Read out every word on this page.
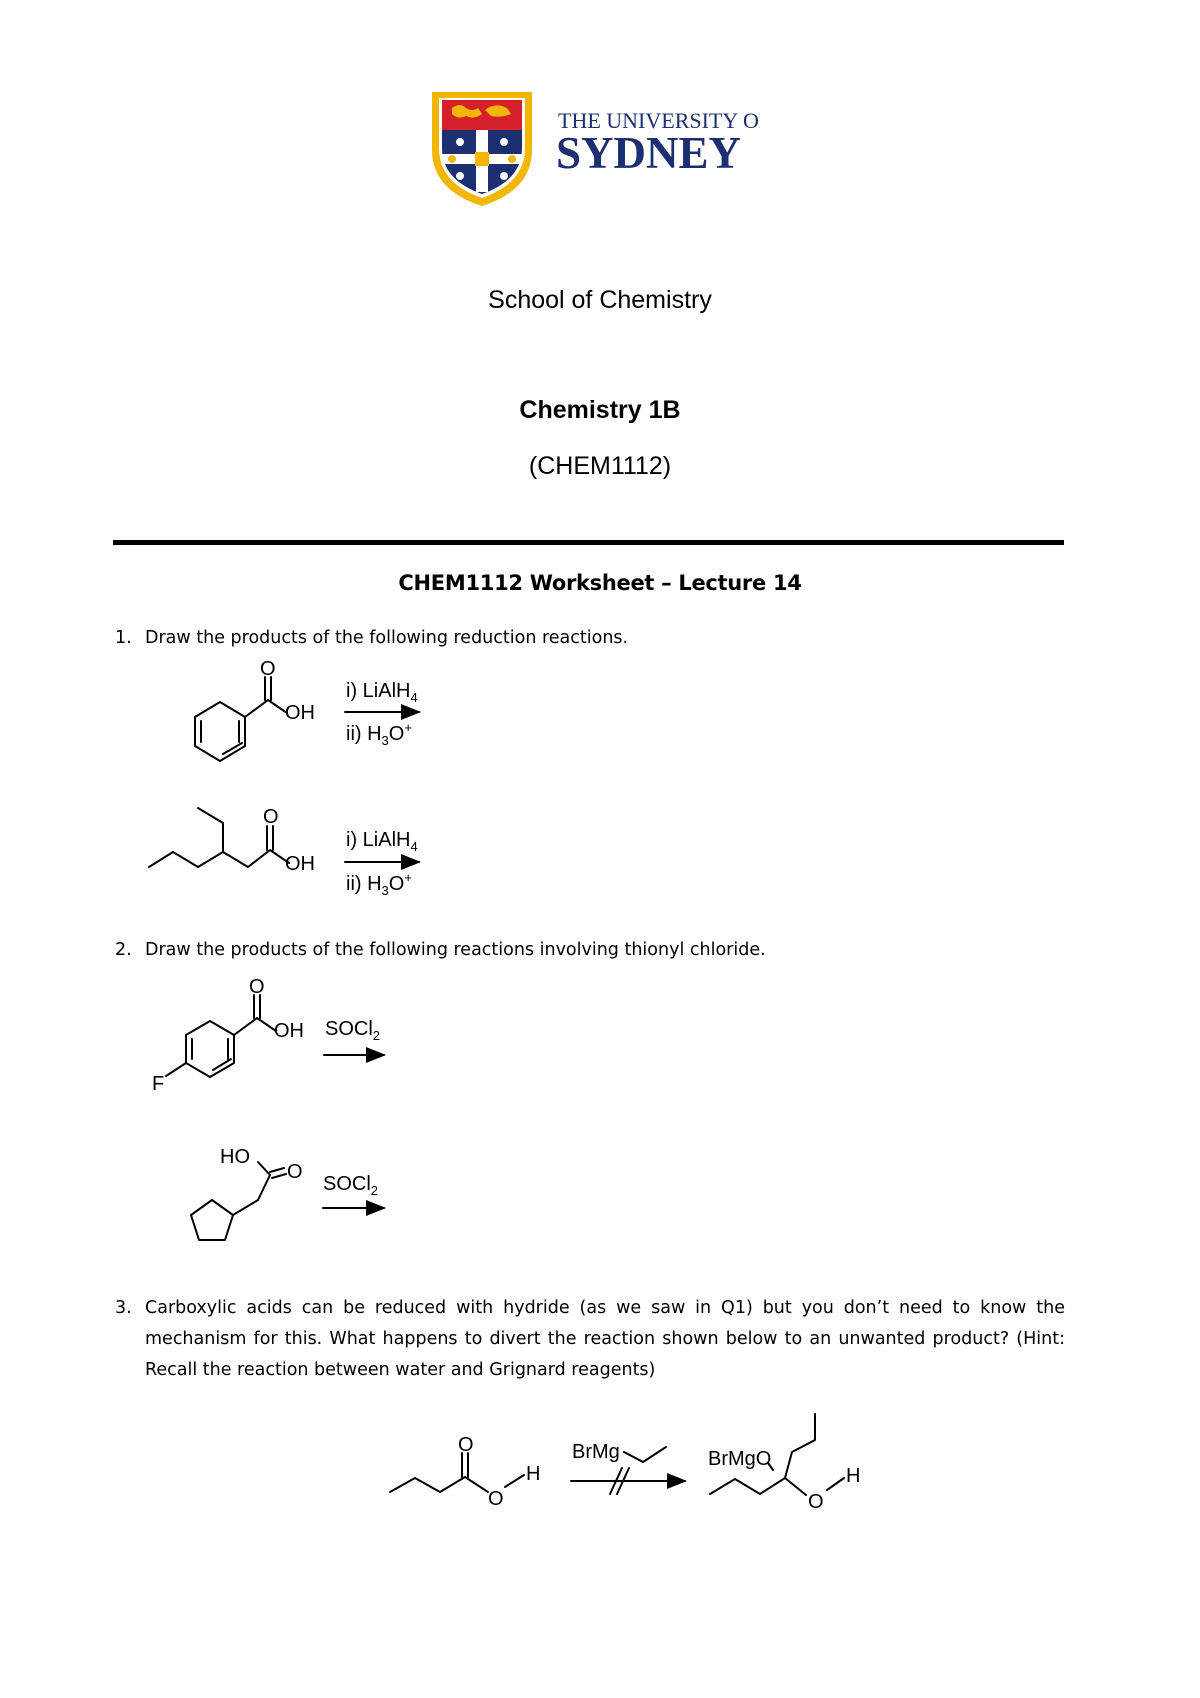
THE UNIVERSITY OF
SYDNEY
School of Chemistry
Chemistry 1B
(CHEM1112)
CHEM1112 Worksheet – Lecture 14
1. Draw the products of the following reduction reactions.
2. Draw the products of the following reactions involving thionyl chloride.
3. Carboxylic acids can be reduced with hydride (as we saw in Q1) but you don’t need to know the mechanism for this. What happens to divert the reaction shown below to an unwanted product? (Hint: Recall the reaction between water and Grignard reagents)
O
OH
i) LiAlH$_4$
ii) $H_3O^+$
O
OH
i) LiAlH$_4$
ii) $H_3O^+$
O
OH
F
SOCl$_2$
HO
O
SOCl$_2$
O
O
H
BrMg	BrMgO
O
H
